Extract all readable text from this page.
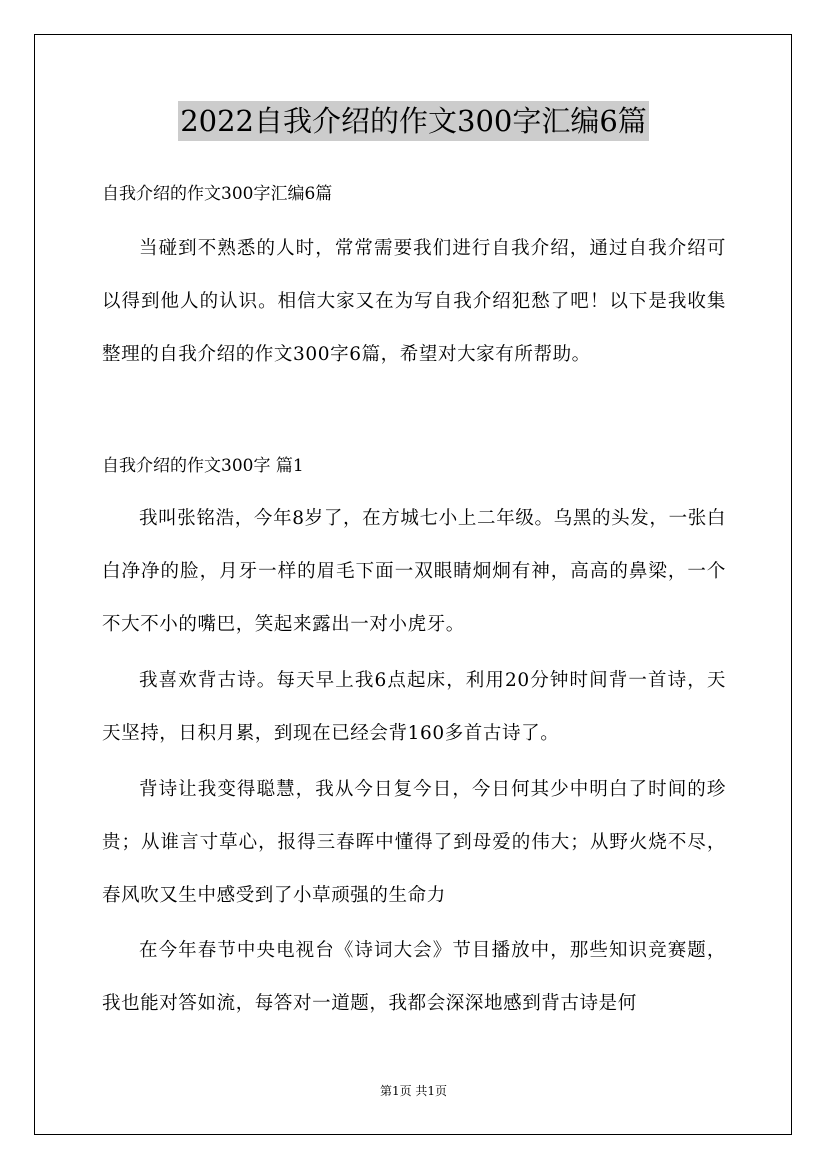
2022自我介绍的作文300字汇编6篇
自我介绍的作文300字汇编6篇

当碰到不熟悉的人时，常常需要我们进行自我介绍，通过自我介绍可以得到他人的认识。相信大家又在为写自我介绍犯愁了吧！以下是我收集整理的自我介绍的作文300字6篇，希望对大家有所帮助。

自我介绍的作文300字 篇1

我叫张铭浩，今年8岁了，在方城七小上二年级。乌黑的头发，一张白白净净的脸，月牙一样的眉毛下面一双眼睛炯炯有神，高高的鼻梁，一个不大不小的嘴巴，笑起来露出一对小虎牙。

我喜欢背古诗。每天早上我6点起床，利用20分钟时间背一首诗，天天坚持，日积月累，到现在已经会背160多首古诗了。

背诗让我变得聪慧，我从今日复今日，今日何其少中明白了时间的珍贵；从谁言寸草心，报得三春晖中懂得了到母爱的伟大；从野火烧不尽，春风吹又生中感受到了小草顽强的生命力

在今年春节中央电视台《诗词大会》节目播放中，那些知识竞赛题，我也能对答如流，每答对一道题，我都会深深地感到背古诗是何

第1页 共1页
